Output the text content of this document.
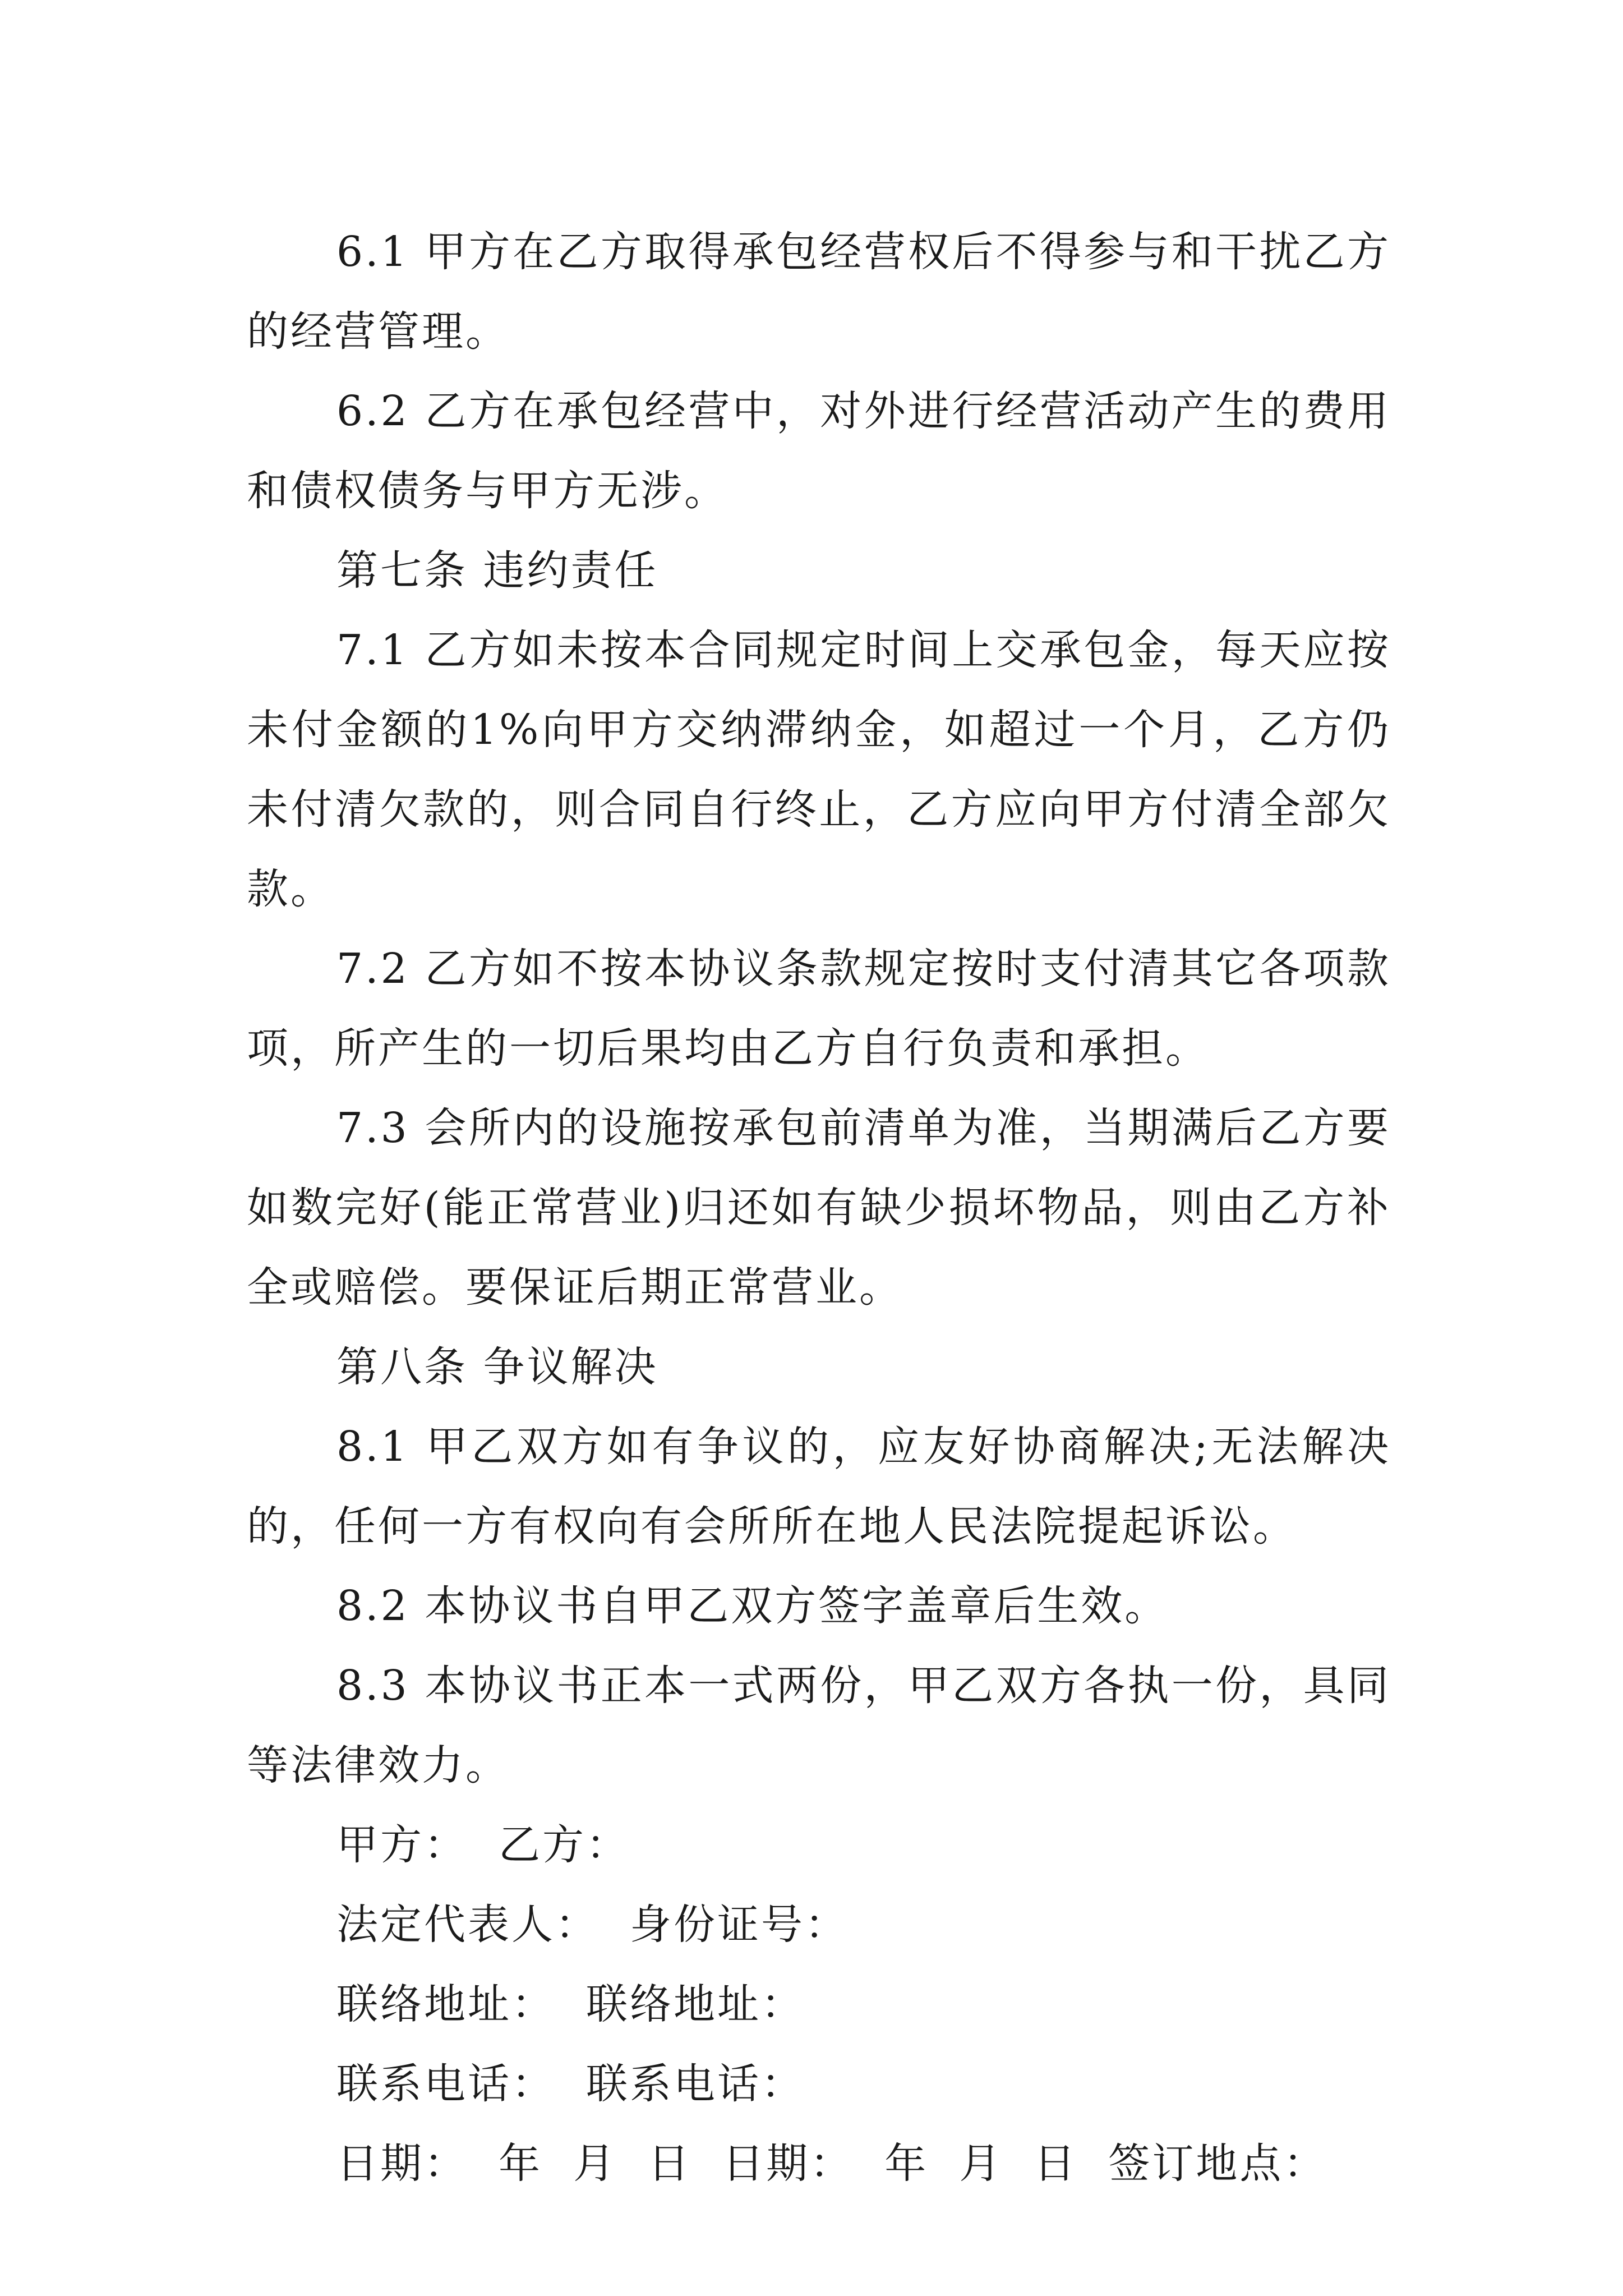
6.1 甲方在乙方取得承包经营权后不得参与和干扰乙方的经营管理。

6.2 乙方在承包经营中，对外进行经营活动产生的费用和债权债务与甲方无涉。

第七条 违约责任

7.1 乙方如未按本合同规定时间上交承包金，每天应按未付金额的1%向甲方交纳滞纳金，如超过一个月，乙方仍未付清欠款的，则合同自行终止，乙方应向甲方付清全部欠款。

7.2 乙方如不按本协议条款规定按时支付清其它各项款项，所产生的一切后果均由乙方自行负责和承担。

7.3 会所内的设施按承包前清单为准，当期满后乙方要如数完好(能正常营业)归还如有缺少损坏物品，则由乙方补全或赔偿。要保证后期正常营业。

第八条 争议解决

8.1 甲乙双方如有争议的，应友好协商解决;无法解决的，任何一方有权向有会所所在地人民法院提起诉讼。

8.2 本协议书自甲乙双方签字盖章后生效。

8.3 本协议书正本一式两份，甲乙双方各执一份，具同等法律效力。

甲方：  乙方：

法定代表人：  身份证号：

联络地址：  联络地址：

联系电话：  联系电话：

日期：  年  月  日  日期：  年  月  日  签订地点：
